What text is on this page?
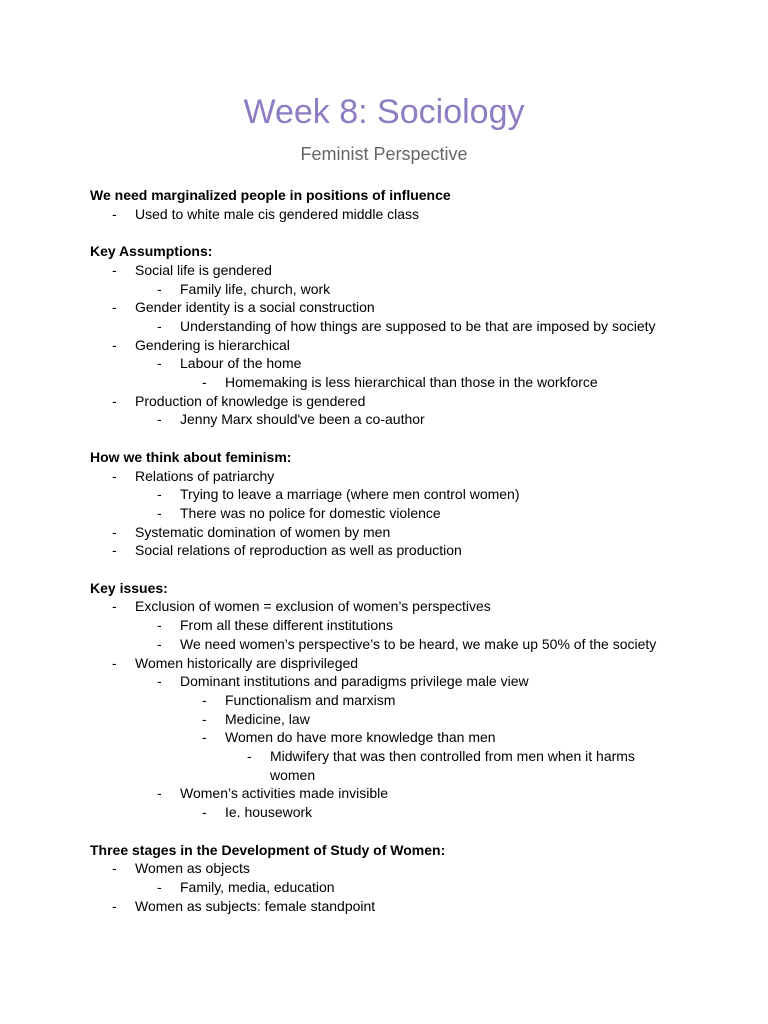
Week 8: Sociology
Feminist Perspective

We need marginalized people in positions of influence

-	Used to white male cis gendered middle class

Key Assumptions:

-	Social life is gendered
-	Family life, church, work
-	Gender identity is a social construction
-	Understanding of how things are supposed to be that are imposed by society
-	Gendering is hierarchical
-	Labour of the home
-	Homemaking is less hierarchical than those in the workforce
-	Production of knowledge is gendered
-	Jenny Marx should've been a co-author

How we think about feminism:

-	Relations of patriarchy
-	Trying to leave a marriage (where men control women)
-	There was no police for domestic violence
-	Systematic domination of women by men
-	Social relations of reproduction as well as production

Key issues:

-	Exclusion of women = exclusion of women’s perspectives
-	From all these different institutions
-	We need women’s perspective’s to be heard, we make up 50% of the society
-	Women historically are disprivileged
-	Dominant institutions and paradigms privilege male view
-	Functionalism and marxism
-	Medicine, law
-	Women do have more knowledge than men
-	Midwifery that was then controlled from men when it harms women
-	Women’s activities made invisible
-	Ie. housework

Three stages in the Development of Study of Women:

-	Women as objects
-	Family, media, education
-	Women as subjects: female standpoint
